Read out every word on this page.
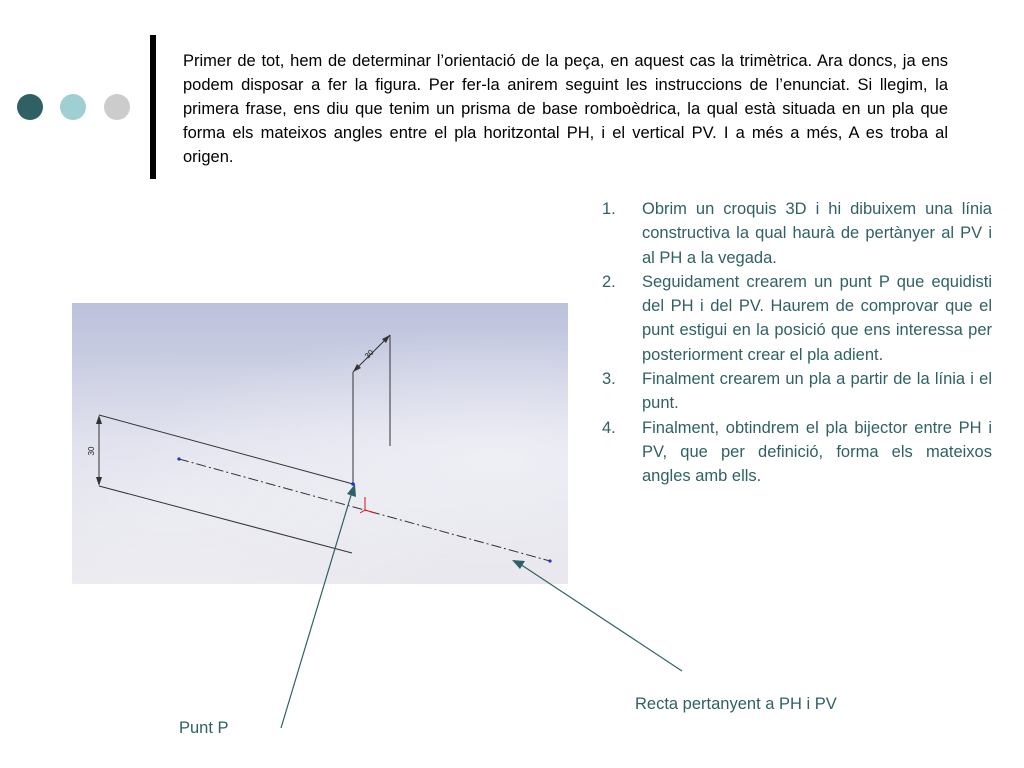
Primer de tot, hem de determinar l’orientació de la peça, en aquest cas la trimètrica. Ara doncs, ja ens podem disposar a fer la figura. Per fer-la anirem seguint les instruccions de l’enunciat. Si llegim, la primera frase, ens diu que tenim un prisma de base romboèdrica, la qual està situada en un pla que forma els mateixos angles entre el pla horitzontal PH, i el vertical PV. I a més a més, A es troba al origen.

1. Obrim un croquis 3D i hi dibuixem una línia constructiva la qual haurà de pertànyer al PV i al PH a la vegada.
2. Seguidament crearem un punt P que equidisti del PH i del PV. Haurem de comprovar que el punt estigui en la posició que ens interessa per posteriorment crear el pla adient.
3. Finalment crearem un pla a partir de la línia i el punt.
4. Finalment, obtindrem el pla bijector entre PH i PV, que per definició, forma els mateixos angles amb ells.
30
30
Punt P
Recta pertanyent a PH i PV
